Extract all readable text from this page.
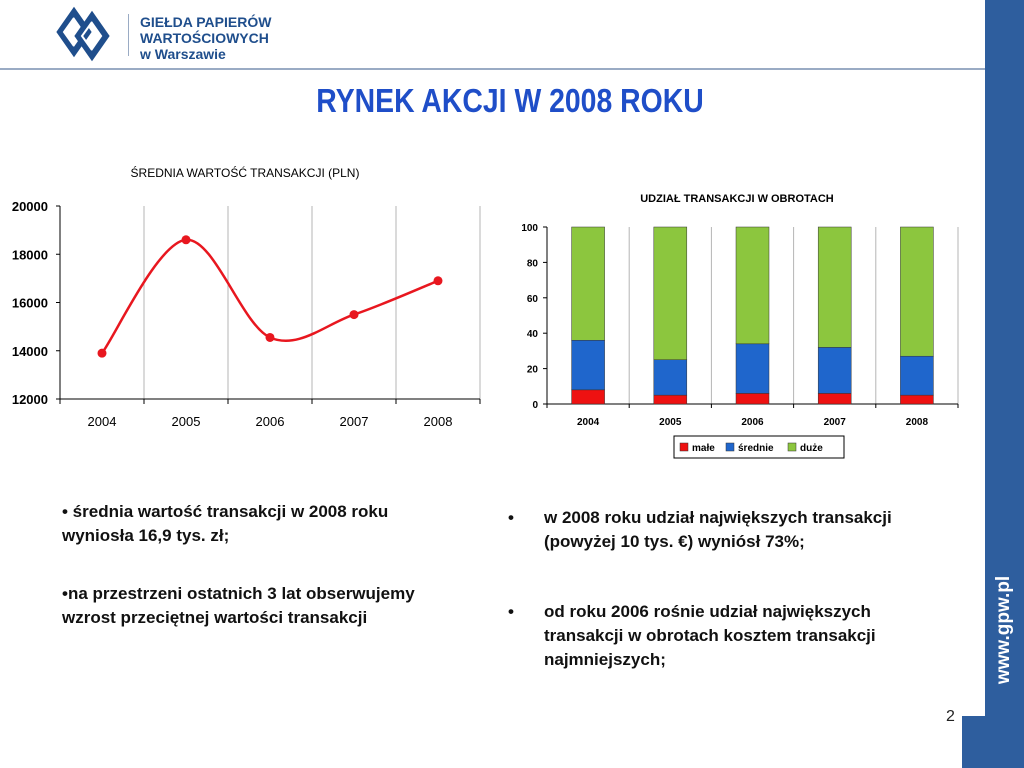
GIEŁDA PAPIERÓW
WARTOŚCIOWYCH
w Warszawie
RYNEK AKCJI W 2008 ROKU
www.gpw.pl
ŚREDNIA WARTOŚĆ TRANSAKCJI (PLN)
12000
14000
16000
18000
20000
2004	2005	2006	2007	2008
UDZIAŁ TRANSAKCJI W OBROTACH
0
20
40
60
80
100
2004	2005	2006	2007	2008
małe średnie	duże
• średnia wartość transakcji w 2008 roku wyniosła 16,9 tys. zł;
•na przestrzeni ostatnich 3 lat obserwujemy wzrost przeciętnej wartości transakcji
• w 2008 roku udział największych transakcji (powyżej 10 tys. €) wyniósł 73%;
• od roku 2006 rośnie udział największych transakcji w obrotach kosztem transakcji najmniejszych;
2
